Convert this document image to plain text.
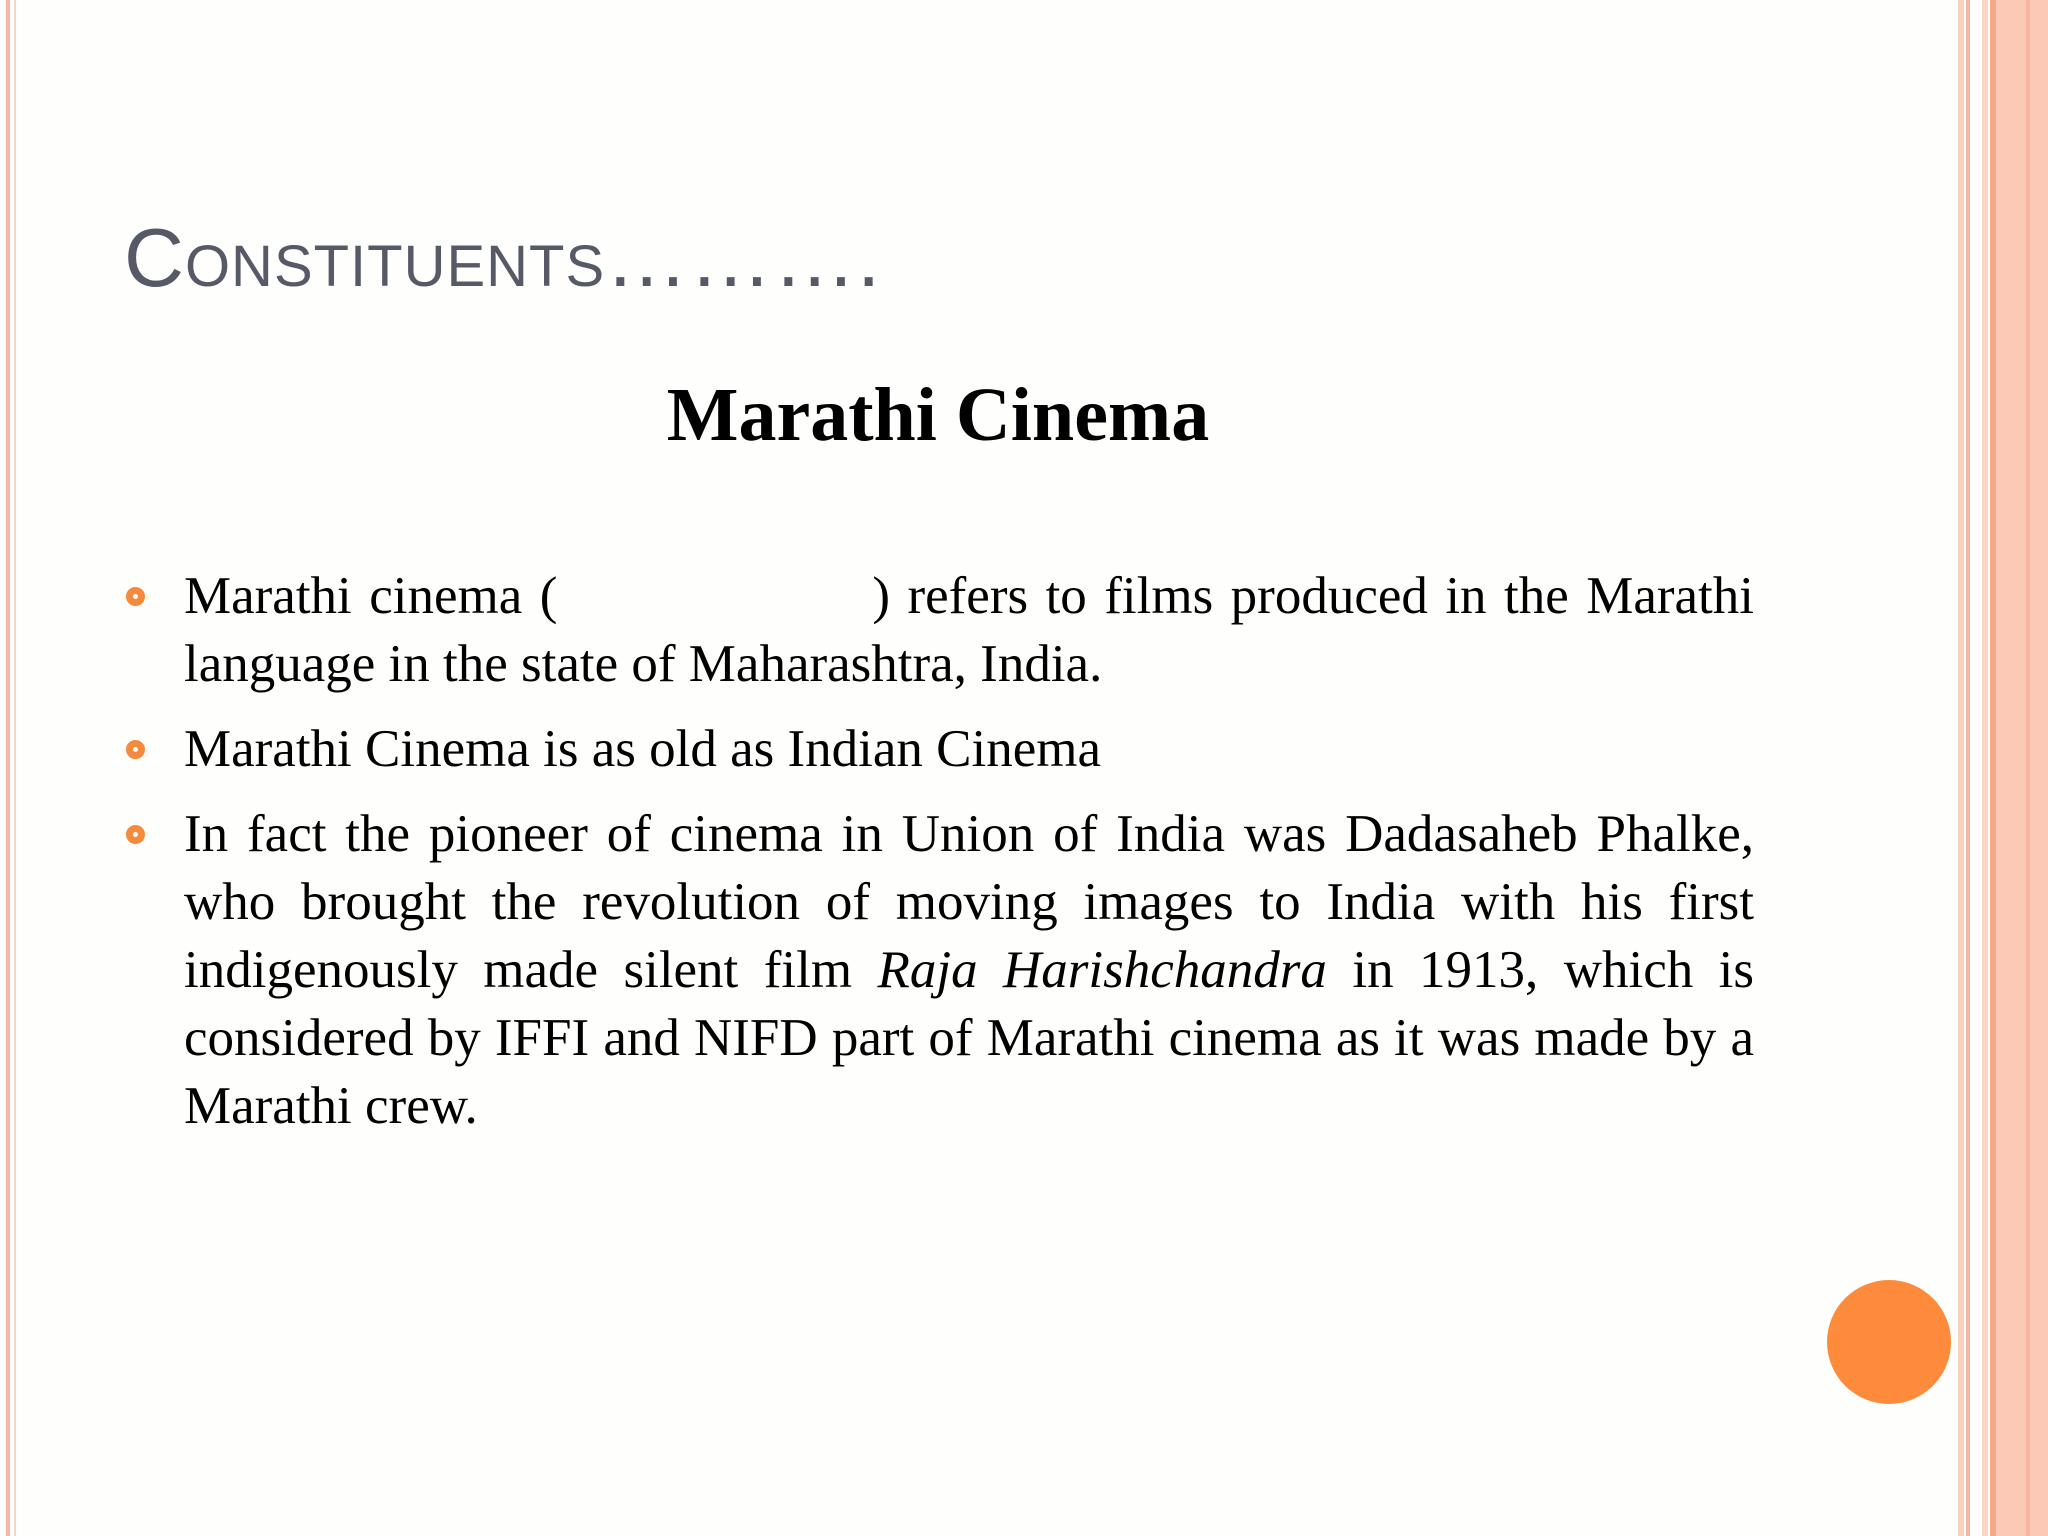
Constituents……….
Marathi Cinema
Marathi cinema (	) refers to films produced in the Marathi language in the state of Maharashtra, India.
Marathi Cinema is as old as Indian Cinema
In fact the pioneer of cinema in Union of India was Dadasaheb Phalke, who brought the revolution of moving images to India with his first indigenously made silent film Raja Harishchandra in 1913, which is considered by IFFI and NIFD part of Marathi cinema as it was made by a Marathi crew.
